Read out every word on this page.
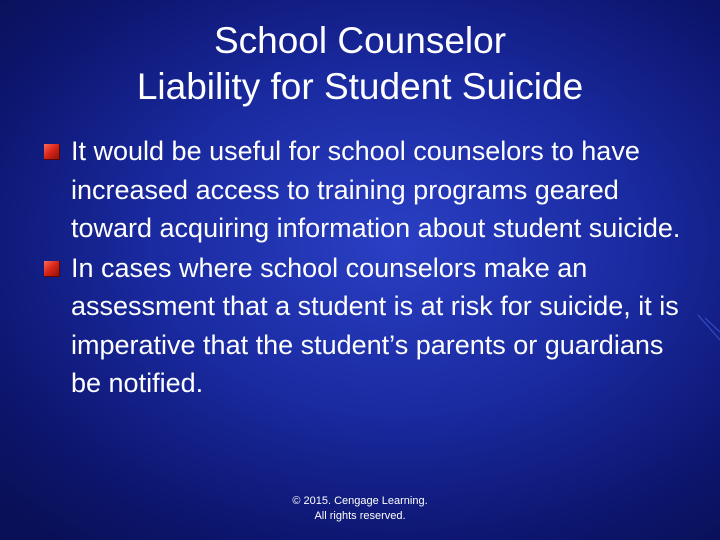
School Counselor
Liability for Student Suicide
It would be useful for school counselors to have increased access to training programs geared toward acquiring information about student suicide.
In cases where school counselors make an assessment that a student is at risk for suicide, it is imperative that the student’s parents or guardians be notified.
© 2015. Cengage Learning.
All rights reserved.
